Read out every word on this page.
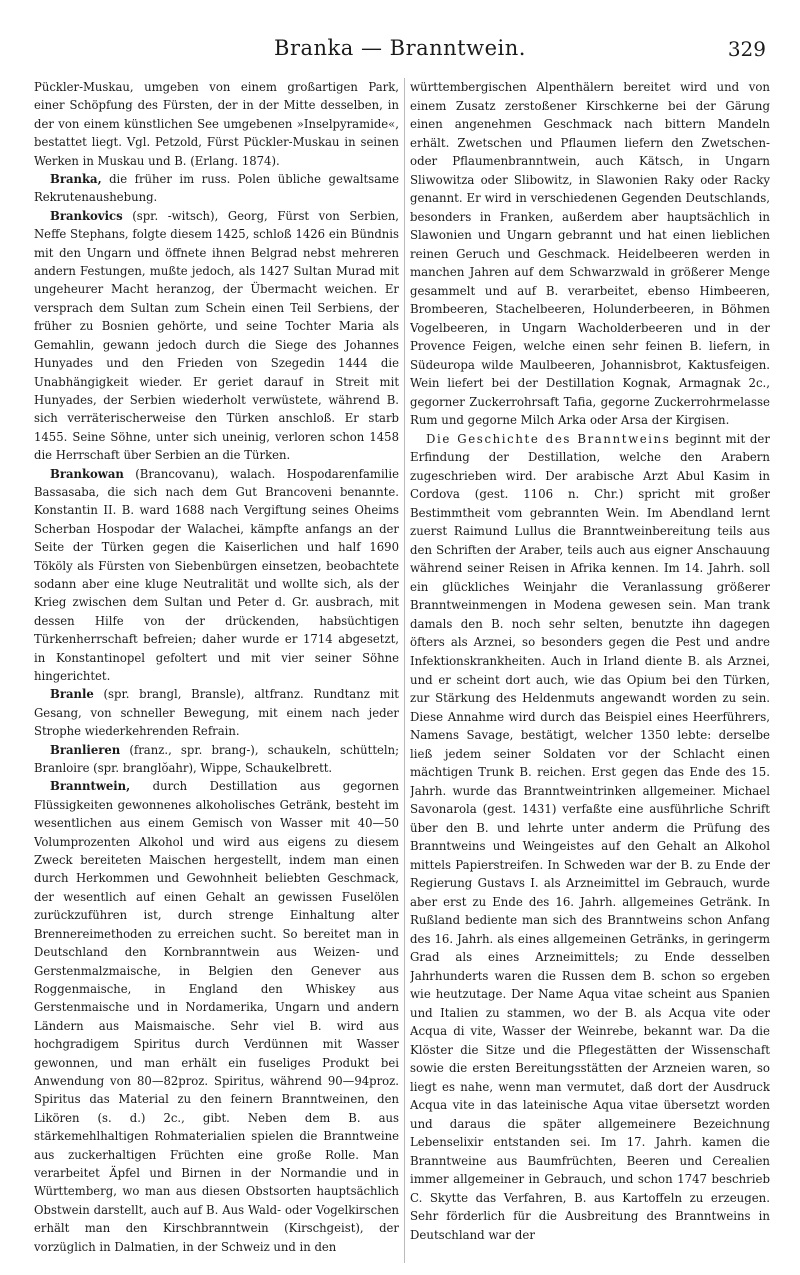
Branka — Branntwein.	329

Pückler-Muskau, umgeben von einem großartigen Park, einer Schöpfung des Fürsten, der in der Mitte desselben, in der von einem künstlichen See umgebenen »Inselpyramide«, bestattet liegt. Vgl. Petzold, Fürst Pückler-Muskau in seinen Werken in Muskau und B. (Erlang. 1874).

Branka, die früher im russ. Polen übliche gewaltsame Rekrutenaushebung.

Brankovics (spr. -witsch), Georg, Fürst von Serbien, Neffe Stephans, folgte diesem 1425, schloß 1426 ein Bündnis mit den Ungarn und öffnete ihnen Belgrad nebst mehreren andern Festungen, mußte jedoch, als 1427 Sultan Murad mit ungeheurer Macht heranzog, der Übermacht weichen. Er versprach dem Sultan zum Schein einen Teil Serbiens, der früher zu Bosnien gehörte, und seine Tochter Maria als Gemahlin, gewann jedoch durch die Siege des Johannes Hunyades und den Frieden von Szegedin 1444 die Unabhängigkeit wieder. Er geriet darauf in Streit mit Hunyades, der Serbien wiederholt verwüstete, während B. sich verräterischerweise den Türken anschloß. Er starb 1455. Seine Söhne, unter sich uneinig, verloren schon 1458 die Herrschaft über Serbien an die Türken.

Brankowan (Brancovanu), walach. Hospodarenfamilie Bassasaba, die sich nach dem Gut Brancoveni benannte. Konstantin II. B. ward 1688 nach Vergiftung seines Oheims Scherban Hospodar der Walachei, kämpfte anfangs an der Seite der Türken gegen die Kaiserlichen und half 1690 Tököly als Fürsten von Siebenbürgen einsetzen, beobachtete sodann aber eine kluge Neutralität und wollte sich, als der Krieg zwischen dem Sultan und Peter d. Gr. ausbrach, mit dessen Hilfe von der drückenden, habsüchtigen Türkenherrschaft befreien; daher wurde er 1714 abgesetzt, in Konstantinopel gefoltert und mit vier seiner Söhne hingerichtet.

Branle (spr. brangl, Bransle), altfranz. Rundtanz mit Gesang, von schneller Bewegung, mit einem nach jeder Strophe wiederkehrenden Refrain.

Branlieren (franz., spr. brang-), schaukeln, schütteln; Branloire (spr. branglŏahr), Wippe, Schaukelbrett.

Branntwein, durch Destillation aus gegornen Flüssigkeiten gewonnenes alkoholisches Getränk, besteht im wesentlichen aus einem Gemisch von Wasser mit 40—50 Volumprozenten Alkohol und wird aus eigens zu diesem Zweck bereiteten Maischen hergestellt, indem man einen durch Herkommen und Gewohnheit beliebten Geschmack, der wesentlich auf einen Gehalt an gewissen Fuselölen zurückzuführen ist, durch strenge Einhaltung alter Brennereimethoden zu erreichen sucht. So bereitet man in Deutschland den Kornbranntwein aus Weizen- und Gerstenmalzmaische, in Belgien den Genever aus Roggenmaische, in England den Whiskey aus Gerstenmaische und in Nordamerika, Ungarn und andern Ländern aus Maismaische. Sehr viel B. wird aus hochgradigem Spiritus durch Verdünnen mit Wasser gewonnen, und man erhält ein fuseliges Produkt bei Anwendung von 80—82proz. Spiritus, während 90—94proz. Spiritus das Material zu den feinern Branntweinen, den Likören (s. d.) 2c., gibt. Neben dem B. aus stärkemehlhaltigen Rohmaterialien spielen die Branntweine aus zuckerhaltigen Früchten eine große Rolle. Man verarbeitet Äpfel und Birnen in der Normandie und in Württemberg, wo man aus diesen Obstsorten hauptsächlich Obstwein darstellt, auch auf B. Aus Wald- oder Vogelkirschen erhält man den Kirschbranntwein (Kirschgeist), der vorzüglich in Dalmatien, in der Schweiz und in den

württembergischen Alpenthälern bereitet wird und von einem Zusatz zerstoßener Kirschkerne bei der Gärung einen angenehmen Geschmack nach bittern Mandeln erhält. Zwetschen und Pflaumen liefern den Zwetschen- oder Pflaumenbranntwein, auch Kätsch, in Ungarn Sliwowitza oder Slibowitz, in Slawonien Raky oder Racky genannt. Er wird in verschiedenen Gegenden Deutschlands, besonders in Franken, außerdem aber hauptsächlich in Slawonien und Ungarn gebrannt und hat einen lieblichen reinen Geruch und Geschmack. Heidelbeeren werden in manchen Jahren auf dem Schwarzwald in größerer Menge gesammelt und auf B. verarbeitet, ebenso Himbeeren, Brombeeren, Stachelbeeren, Holunderbeeren, in Böhmen Vogelbeeren, in Ungarn Wacholderbeeren und in der Provence Feigen, welche einen sehr feinen B. liefern, in Südeuropa wilde Maulbeeren, Johannisbrot, Kaktusfeigen. Wein liefert bei der Destillation Kognak, Armagnak 2c., gegorner Zuckerrohrsaft Tafia, gegorne Zuckerrohrmelasse Rum und gegorne Milch Arka oder Arsa der Kirgisen.

Die Geschichte des Branntweins beginnt mit der Erfindung der Destillation, welche den Arabern zugeschrieben wird. Der arabische Arzt Abul Kasim in Cordova (gest. 1106 n. Chr.) spricht mit großer Bestimmtheit vom gebrannten Wein. Im Abendland lernt zuerst Raimund Lullus die Branntweinbereitung teils aus den Schriften der Araber, teils auch aus eigner Anschauung während seiner Reisen in Afrika kennen. Im 14. Jahrh. soll ein glückliches Weinjahr die Veranlassung größerer Branntweinmengen in Modena gewesen sein. Man trank damals den B. noch sehr selten, benutzte ihn dagegen öfters als Arznei, so besonders gegen die Pest und andre Infektionskrankheiten. Auch in Irland diente B. als Arznei, und er scheint dort auch, wie das Opium bei den Türken, zur Stärkung des Heldenmuts angewandt worden zu sein. Diese Annahme wird durch das Beispiel eines Heerführers, Namens Savage, bestätigt, welcher 1350 lebte: derselbe ließ jedem seiner Soldaten vor der Schlacht einen mächtigen Trunk B. reichen. Erst gegen das Ende des 15. Jahrh. wurde das Branntweintrinken allgemeiner. Michael Savonarola (gest. 1431) verfaßte eine ausführliche Schrift über den B. und lehrte unter anderm die Prüfung des Branntweins und Weingeistes auf den Gehalt an Alkohol mittels Papierstreifen. In Schweden war der B. zu Ende der Regierung Gustavs I. als Arzneimittel im Gebrauch, wurde aber erst zu Ende des 16. Jahrh. allgemeines Getränk. In Rußland bediente man sich des Branntweins schon Anfang des 16. Jahrh. als eines allgemeinen Getränks, in geringerm Grad als eines Arzneimittels; zu Ende desselben Jahrhunderts waren die Russen dem B. schon so ergeben wie heutzutage. Der Name Aqua vitae scheint aus Spanien und Italien zu stammen, wo der B. als Acqua vite oder Acqua di vite, Wasser der Weinrebe, bekannt war. Da die Klöster die Sitze und die Pflegestätten der Wissenschaft sowie die ersten Bereitungsstätten der Arzneien waren, so liegt es nahe, wenn man vermutet, daß dort der Ausdruck Acqua vite in das lateinische Aqua vitae übersetzt worden und daraus die später allgemeinere Bezeichnung Lebenselixir entstanden sei. Im 17. Jahrh. kamen die Branntweine aus Baumfrüchten, Beeren und Cerealien immer allgemeiner in Gebrauch, und schon 1747 beschrieb C. Skytte das Verfahren, B. aus Kartoffeln zu erzeugen. Sehr förderlich für die Ausbreitung des Branntweins in Deutschland war der
